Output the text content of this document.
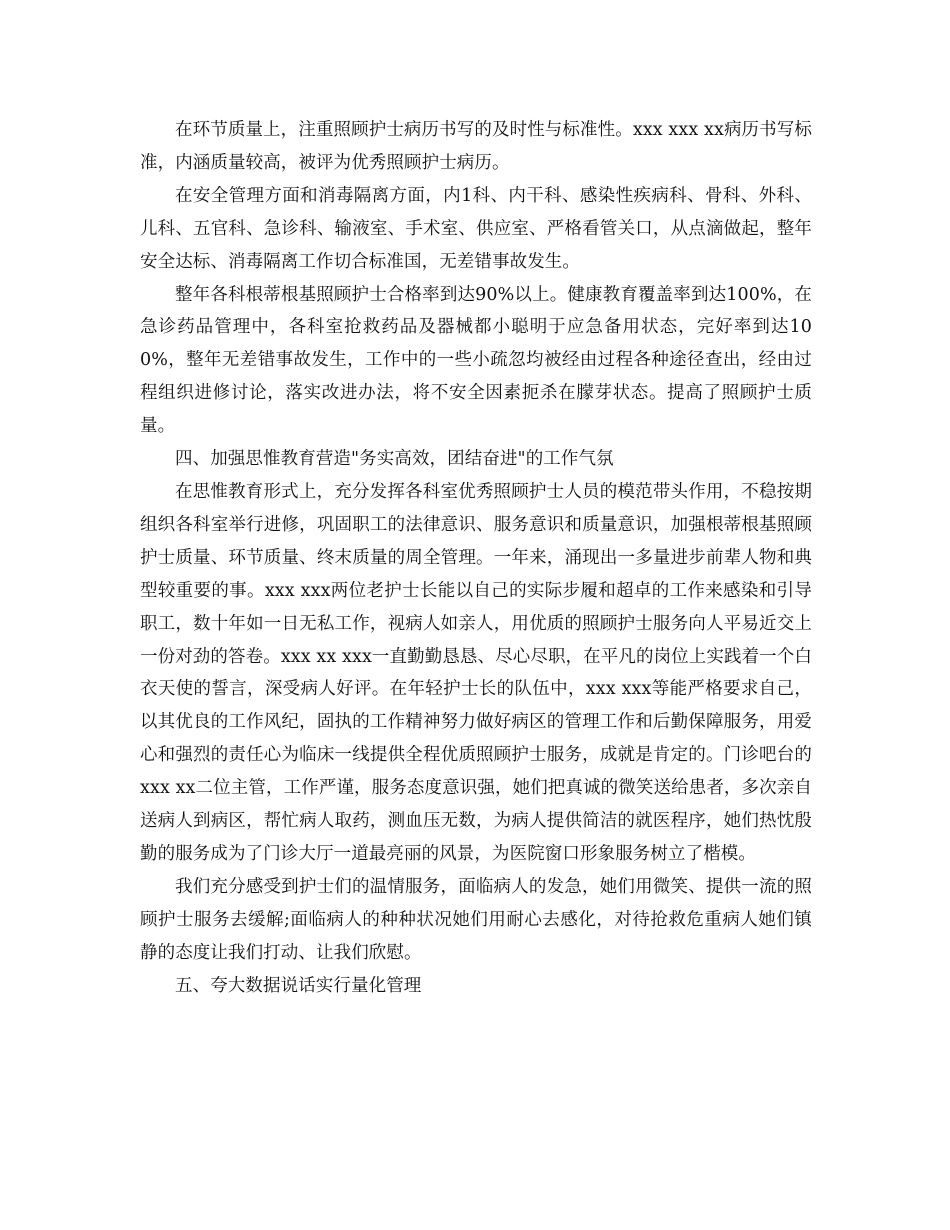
在环节质量上，注重照顾护士病历书写的及时性与标准性。xxx xxx xx病历书写标准，内涵质量较高，被评为优秀照顾护士病历。

在安全管理方面和消毒隔离方面，内1科、内干科、感染性疾病科、骨科、外科、儿科、五官科、急诊科、输液室、手术室、供应室、严格看管关口，从点滴做起，整年安全达标、消毒隔离工作切合标准国，无差错事故发生。

整年各科根蒂根基照顾护士合格率到达90%以上。健康教育覆盖率到达100%，在急诊药品管理中，各科室抢救药品及器械都小聪明于应急备用状态，完好率到达100%，整年无差错事故发生，工作中的一些小疏忽均被经由过程各种途径查出，经由过程组织进修讨论，落实改进办法，将不安全因素扼杀在朦芽状态。提高了照顾护士质量。

四、加强思惟教育营造"务实高效，团结奋进"的工作气氛

在思惟教育形式上，充分发挥各科室优秀照顾护士人员的模范带头作用，不稳按期组织各科室举行进修，巩固职工的法律意识、服务意识和质量意识，加强根蒂根基照顾护士质量、环节质量、终末质量的周全管理。一年来，涌现出一多量进步前辈人物和典型较重要的事。xxx xxx两位老护士长能以自己的实际步履和超卓的工作来感染和引导职工，数十年如一日无私工作，视病人如亲人，用优质的照顾护士服务向人平易近交上一份对劲的答卷。xxx xx xxx一直勤勤恳恳、尽心尽职，在平凡的岗位上实践着一个白衣天使的誓言，深受病人好评。在年轻护士长的队伍中，xxx xxx等能严格要求自己，以其优良的工作风纪，固执的工作精神努力做好病区的管理工作和后勤保障服务，用爱心和强烈的责任心为临床一线提供全程优质照顾护士服务，成就是肯定的。门诊吧台的xxx xx二位主管，工作严谨，服务态度意识强，她们把真诚的微笑送给患者，多次亲自送病人到病区，帮忙病人取药，测血压无数，为病人提供简洁的就医程序，她们热忱殷勤的服务成为了门诊大厅一道最亮丽的风景，为医院窗口形象服务树立了楷模。

我们充分感受到护士们的温情服务，面临病人的发急，她们用微笑、提供一流的照顾护士服务去缓解;面临病人的种种状况她们用耐心去感化，对待抢救危重病人她们镇静的态度让我们打动、让我们欣慰。

五、夸大数据说话实行量化管理
